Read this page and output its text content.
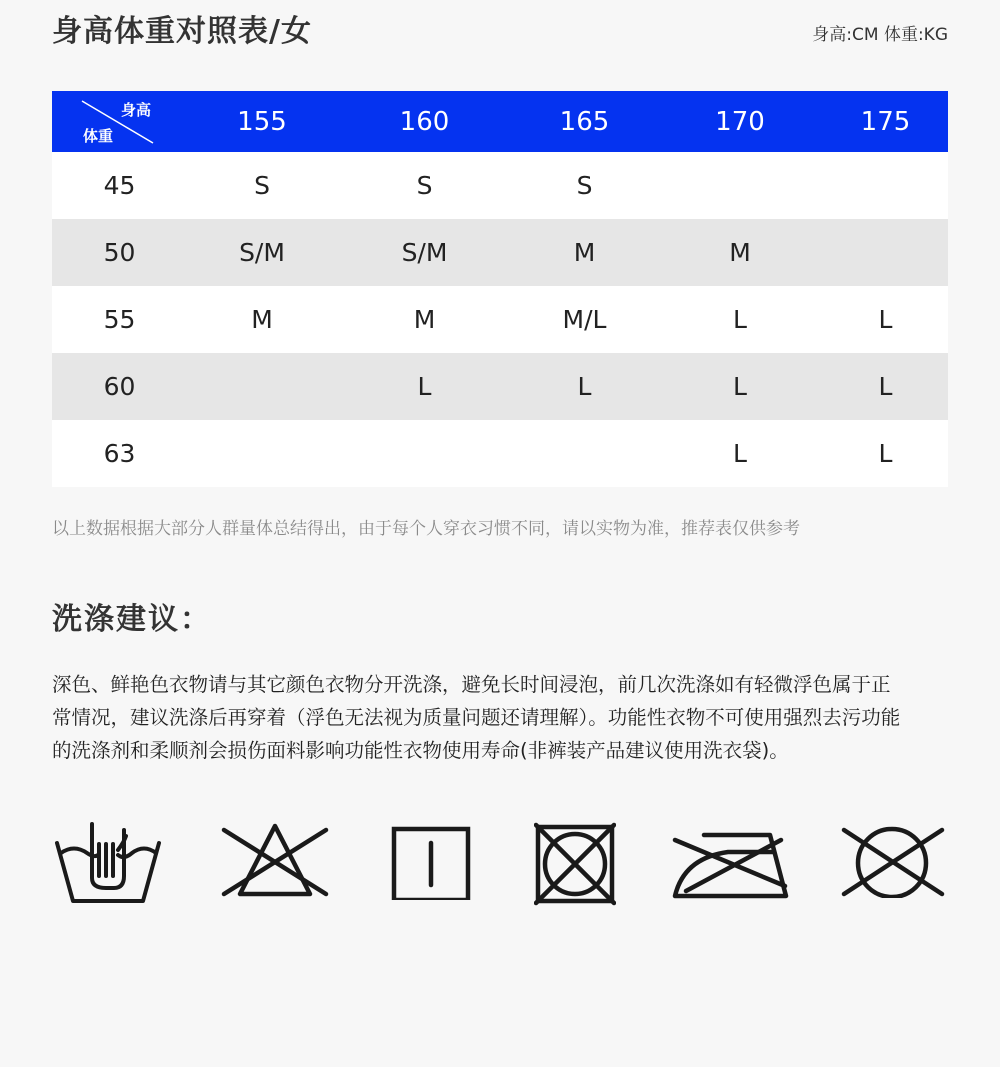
身高体重对照表/女	身高:CM 体重:KG
身高
体重	155	160	165	170	175
45	S	S	S		
50	S/M	S/M	M	M	
55	M	M	M/L	L	L
60		L	L	L	L
63				L	L
以上数据根据大部分人群量体总结得出，由于每个人穿衣习惯不同，请以实物为准，推荐表仅供参考
洗涤建议：

深色、鲜艳色衣物请与其它颜色衣物分开洗涤，避免长时间浸泡，前几次洗涤如有轻微浮色属于正

常情况，建议洗涤后再穿着（浮色无法视为质量问题还请理解）。功能性衣物不可使用强烈去污功能

的洗涤剂和柔顺剂会损伤面料影响功能性衣物使用寿命(非裤装产品建议使用洗衣袋)。
